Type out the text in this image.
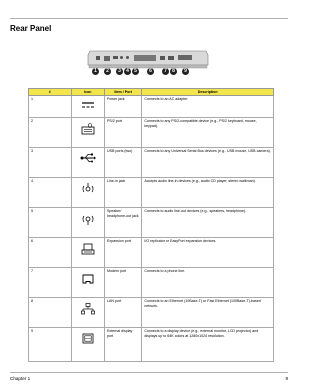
Rear Panel
1	2	3	4	5	6	7	8	9
#	Icon	Item / Port	Description
1		Power jack	Connects to an AC adapter.
2		PS/2 port	Connects to any PS/2-compatible device (e.g., PS/2 keyboard, mouse, keypad).
3		USB ports (two)	Connects to any Universal Serial Bus devices (e.g., USB mouse, USB camera).
4		Line-in jack	Accepts audio line-in devices (e.g., audio CD player, stereo walkman).
5		Speaker/ headphone-out jack	Connects to audio line-out devices (e.g., speakers, headphone).
6		Expansion port	I/O replicator or EasyPort expansion devices.
7		Modem port	Connects to a phone line.
8		LAN port	Connects to an Ethernet (10Base-T) or Fast Ethernet (100Base-T)-based network.
9		External display port	Connects to a display device (e.g., external monitor, LCD projector) and displays up to 64K colors at 1280x1024 resolution.
Chapter 1	9
